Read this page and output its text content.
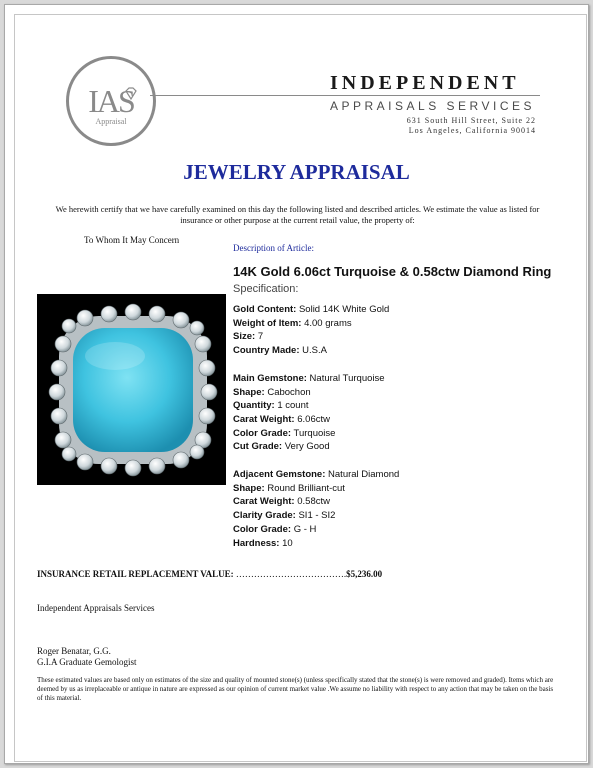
IAS
Appraisal
INDEPENDENT
APPRAISALS SERVICES
631 South Hill Street, Suite 22
Los Angeles, California 90014
JEWELRY APPRAISAL
We herewith certify that we have carefully examined on this day the following listed and described articles. We estimate the value as listed for insurance or other purpose at the current retail value, the property of:
To Whom It May Concern
Description of Article:
14K Gold 6.06ct Turquoise & 0.58ctw Diamond Ring
Specification:
Gold Content: Solid 14K White Gold
Weight of Item: 4.00 grams
Size: 7
Country Made: U.S.A
Main Gemstone: Natural Turquoise
Shape: Cabochon
Quantity: 1 count
Carat Weight: 6.06ctw
Color Grade: Turquoise
Cut Grade: Very Good
Adjacent Gemstone: Natural Diamond
Shape: Round Brilliant-cut
Carat Weight: 0.58ctw
Clarity Grade: SI1 - SI2
Color Grade: G - H
Hardness: 10
INSURANCE RETAIL REPLACEMENT VALUE: ……………………………….$5,236.00
Independent Appraisals Services
Roger Benatar, G.G.
G.I.A Graduate Gemologist
These estimated values are based only on estimates of the size and quality of mounted stone(s) (unless specifically stated that the stone(s) is were removed and graded). Items which are deemed by us as irreplaceable or antique in nature are expressed as our opinion of current market value .We assume no liability with respect to any action that may be taken on the basis of this material.
